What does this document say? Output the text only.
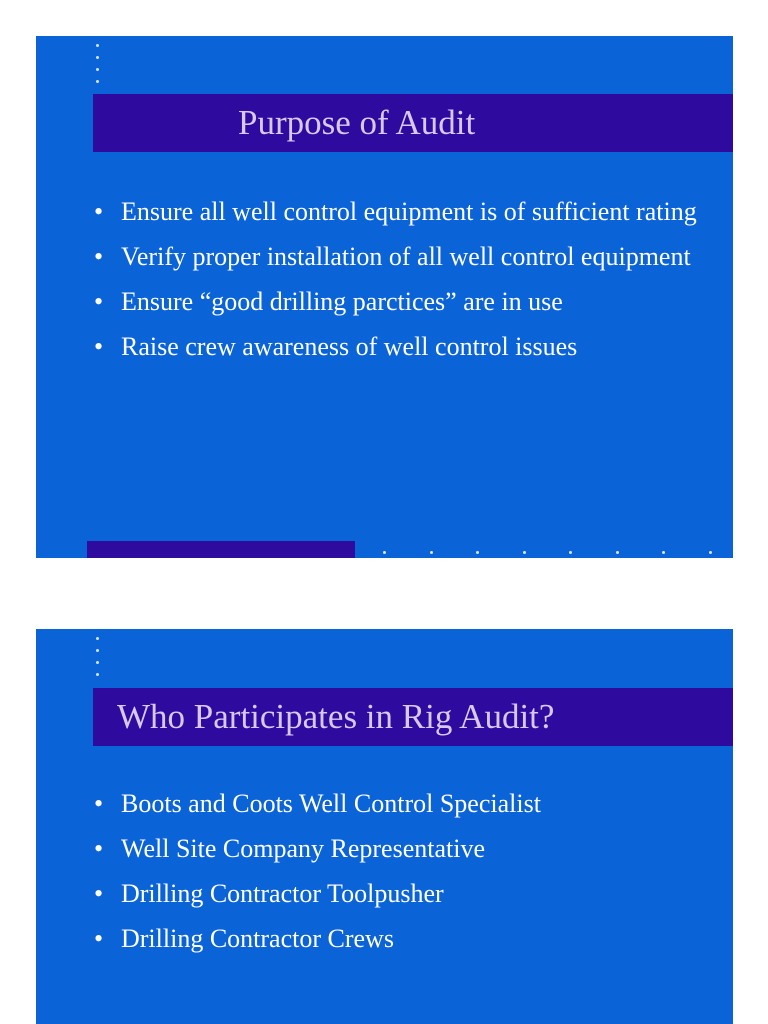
Purpose of Audit
• Ensure all well control equipment is of sufficient rating
• Verify proper installation of all well control equipment
• Ensure “good drilling parctices” are in use
• Raise crew awareness of well control issues
Who Participates in Rig Audit?
• Boots and Coots Well Control Specialist
• Well Site Company Representative
• Drilling Contractor Toolpusher
• Drilling Contractor Crews
